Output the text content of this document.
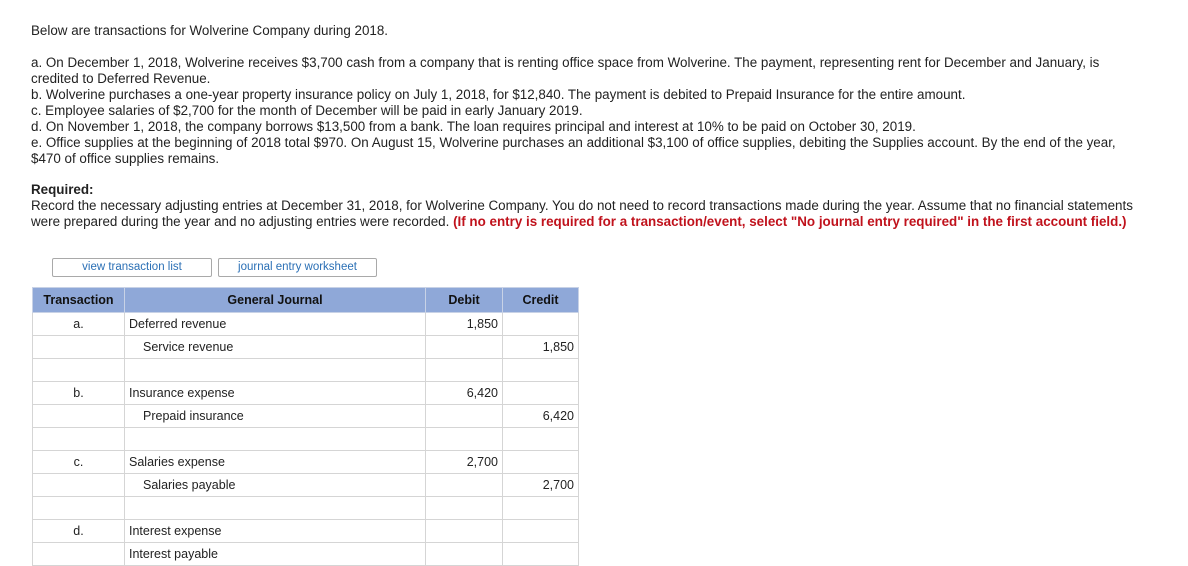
Below are transactions for Wolverine Company during 2018.

a. On December 1, 2018, Wolverine receives $3,700 cash from a company that is renting office space from Wolverine. The payment, representing rent for December and January, is

credited to Deferred Revenue.

b. Wolverine purchases a one-year property insurance policy on July 1, 2018, for $12,840. The payment is debited to Prepaid Insurance for the entire amount.

c. Employee salaries of $2,700 for the month of December will be paid in early January 2019.

d. On November 1, 2018, the company borrows $13,500 from a bank. The loan requires principal and interest at 10% to be paid on October 30, 2019.

e. Office supplies at the beginning of 2018 total $970. On August 15, Wolverine purchases an additional $3,100 of office supplies, debiting the Supplies account. By the end of the year,

$470 of office supplies remains.

Required:

Record the necessary adjusting entries at December 31, 2018, for Wolverine Company. You do not need to record transactions made during the year. Assume that no financial statements

were prepared during the year and no adjusting entries were recorded. (If no entry is required for a transaction/event, select "No journal entry required" in the first account field.)

view transaction list	journal entry worksheet
Transaction	General Journal	Debit	Credit
a.	Deferred revenue	1,850	
	Service revenue		1,850

b.	Insurance expense	6,420	
	Prepaid insurance		6,420

c.	Salaries expense	2,700	
	Salaries payable		2,700

d.	Interest expense		
	Interest payable		
